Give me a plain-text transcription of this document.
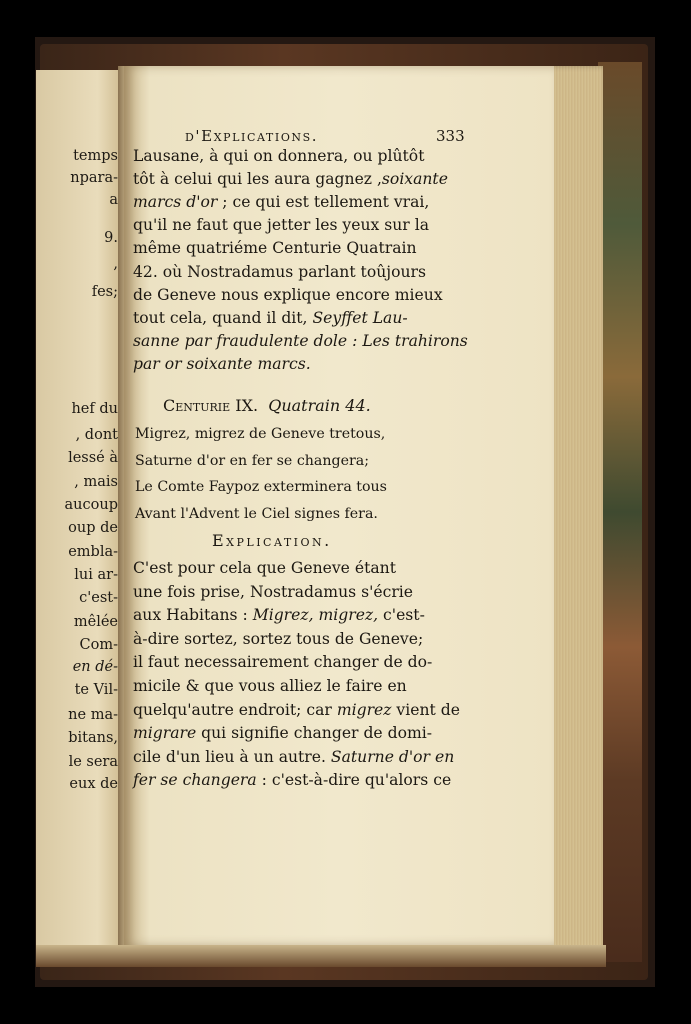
temps
npara-
a
9.
,
fes;
hef du
, dont
lessé à
, mais
aucoup
oup de
embla-
lui ar-
c'est-
mêlée
Com-
en dé-
te Vil-
ne ma-
bitans,
le sera
eux de
d'Explications.	333
Lausane, à qui on donnera, ou plûtôt
tôt à celui qui les aura gagnez ,soixante
marcs d'or ; ce qui est tellement vrai,
qu'il ne faut que jetter les yeux sur la
même quatriéme Centurie Quatrain
42. où Nostradamus parlant toûjours
de Geneve nous explique encore mieux
tout cela, quand il dit, Seyffet Lau-
sanne par fraudulente dole : Les trahirons
par or soixante marcs.
Centurie IX. Quatrain 44.
Migrez, migrez de Geneve tretous,
Saturne d'or en fer se changera;
Le Comte Faypoz exterminera tous
Avant l'Advent le Ciel signes fera.
Explication.
C'est pour cela que Geneve étant
une fois prise, Nostradamus s'écrie
aux Habitans : Migrez, migrez, c'est-
à-dire sortez, sortez tous de Geneve;
il faut necessairement changer de do-
micile & que vous alliez le faire en
quelqu'autre endroit; car migrez vient de
migrare qui signifie changer de domi-
cile d'un lieu à un autre. Saturne d'or en
fer se changera : c'est-à-dire qu'alors ce
